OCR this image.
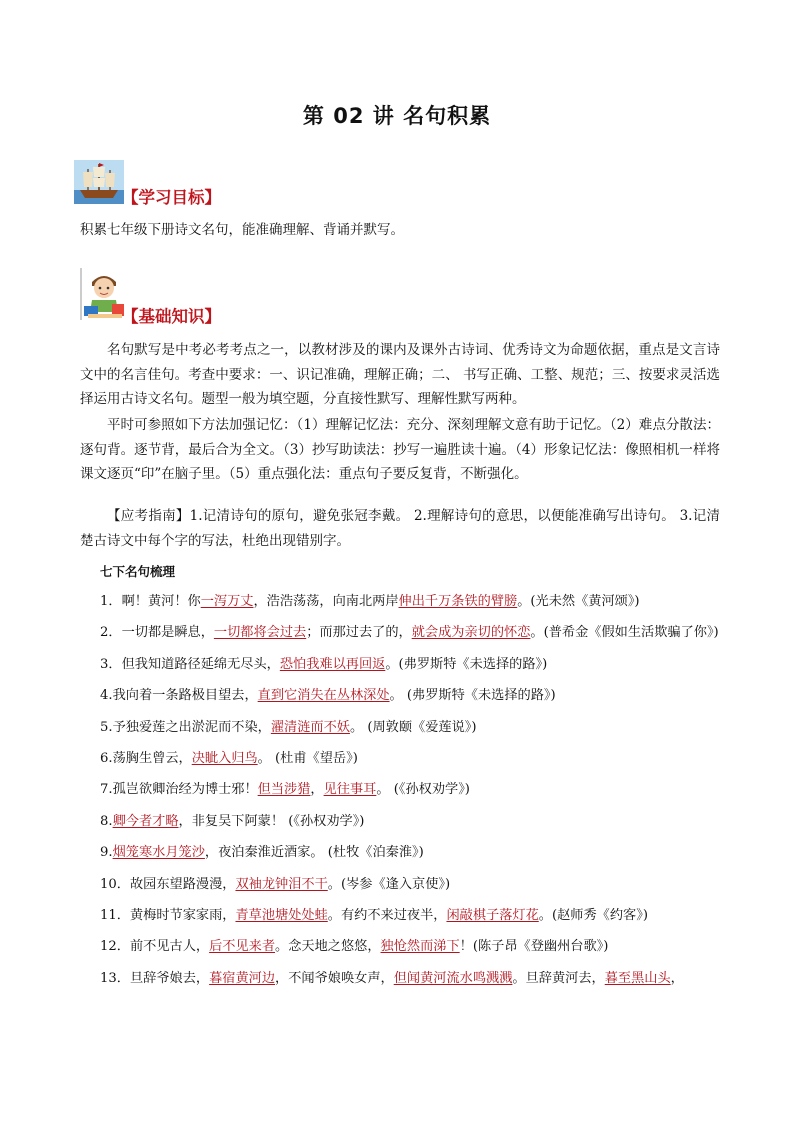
第 02 讲 名句积累
【学习目标】
积累七年级下册诗文名句，能准确理解、背诵并默写。
【基础知识】

名句默写是中考必考考点之一，以教材涉及的课内及课外古诗词、优秀诗文为命题依据，重点是文言诗文中的名言佳句。考查中要求：一、识记准确，理解正确；二、 书写正确、工整、规范；三、按要求灵活选择运用古诗文名句。题型一般为填空题，分直接性默写、理解性默写两种。

平时可参照如下方法加强记忆：（1）理解记忆法：充分、深刻理解文意有助于记忆。（2）难点分散法：逐句背。逐节背，最后合为全文。（3）抄写助读法：抄写一遍胜读十遍。（4）形象记忆法：像照相机一样将课文逐页“印”在脑子里。（5）重点强化法：重点句子要反复背，不断强化。

【应考指南】1.记清诗句的原句，避免张冠李戴。 2.理解诗句的意思，以便能准确写出诗句。 3.记清楚古诗文中每个字的写法，杜绝出现错别字。

七下名句梳理

1．啊！黄河！你一泻万丈，浩浩荡荡，向南北两岸伸出千万条铁的臂膀。(光未然《黄河颂》)

2．一切都是瞬息，一切都将会过去；而那过去了的，就会成为亲切的怀恋。(普希金《假如生活欺骗了你》)

3．但我知道路径延绵无尽头，恐怕我难以再回返。(弗罗斯特《未选择的路》)

4.我向着一条路极目望去，直到它消失在丛林深处。 (弗罗斯特《未选择的路》)

5.予独爱莲之出淤泥而不染，濯清涟而不妖。 (周敦颐《爱莲说》)

6.荡胸生曾云，决眦入归鸟。 (杜甫《望岳》)

7.孤岂欲卿治经为博士邪！但当涉猎，见往事耳。 (《孙权劝学》)

8.卿今者才略，非复吴下阿蒙！ (《孙权劝学》)

9.烟笼寒水月笼沙，夜泊秦淮近酒家。 (杜牧《泊秦淮》)

10．故园东望路漫漫，双袖龙钟泪不干。(岑参《逢入京使》)

11．黄梅时节家家雨，青草池塘处处蛙。有约不来过夜半，闲敲棋子落灯花。(赵师秀《约客》)

12．前不见古人，后不见来者。念天地之悠悠，独怆然而涕下！(陈子昂《登幽州台歌》)

13．旦辞爷娘去，暮宿黄河边，不闻爷娘唤女声，但闻黄河流水鸣溅溅。旦辞黄河去，暮至黑山头，
